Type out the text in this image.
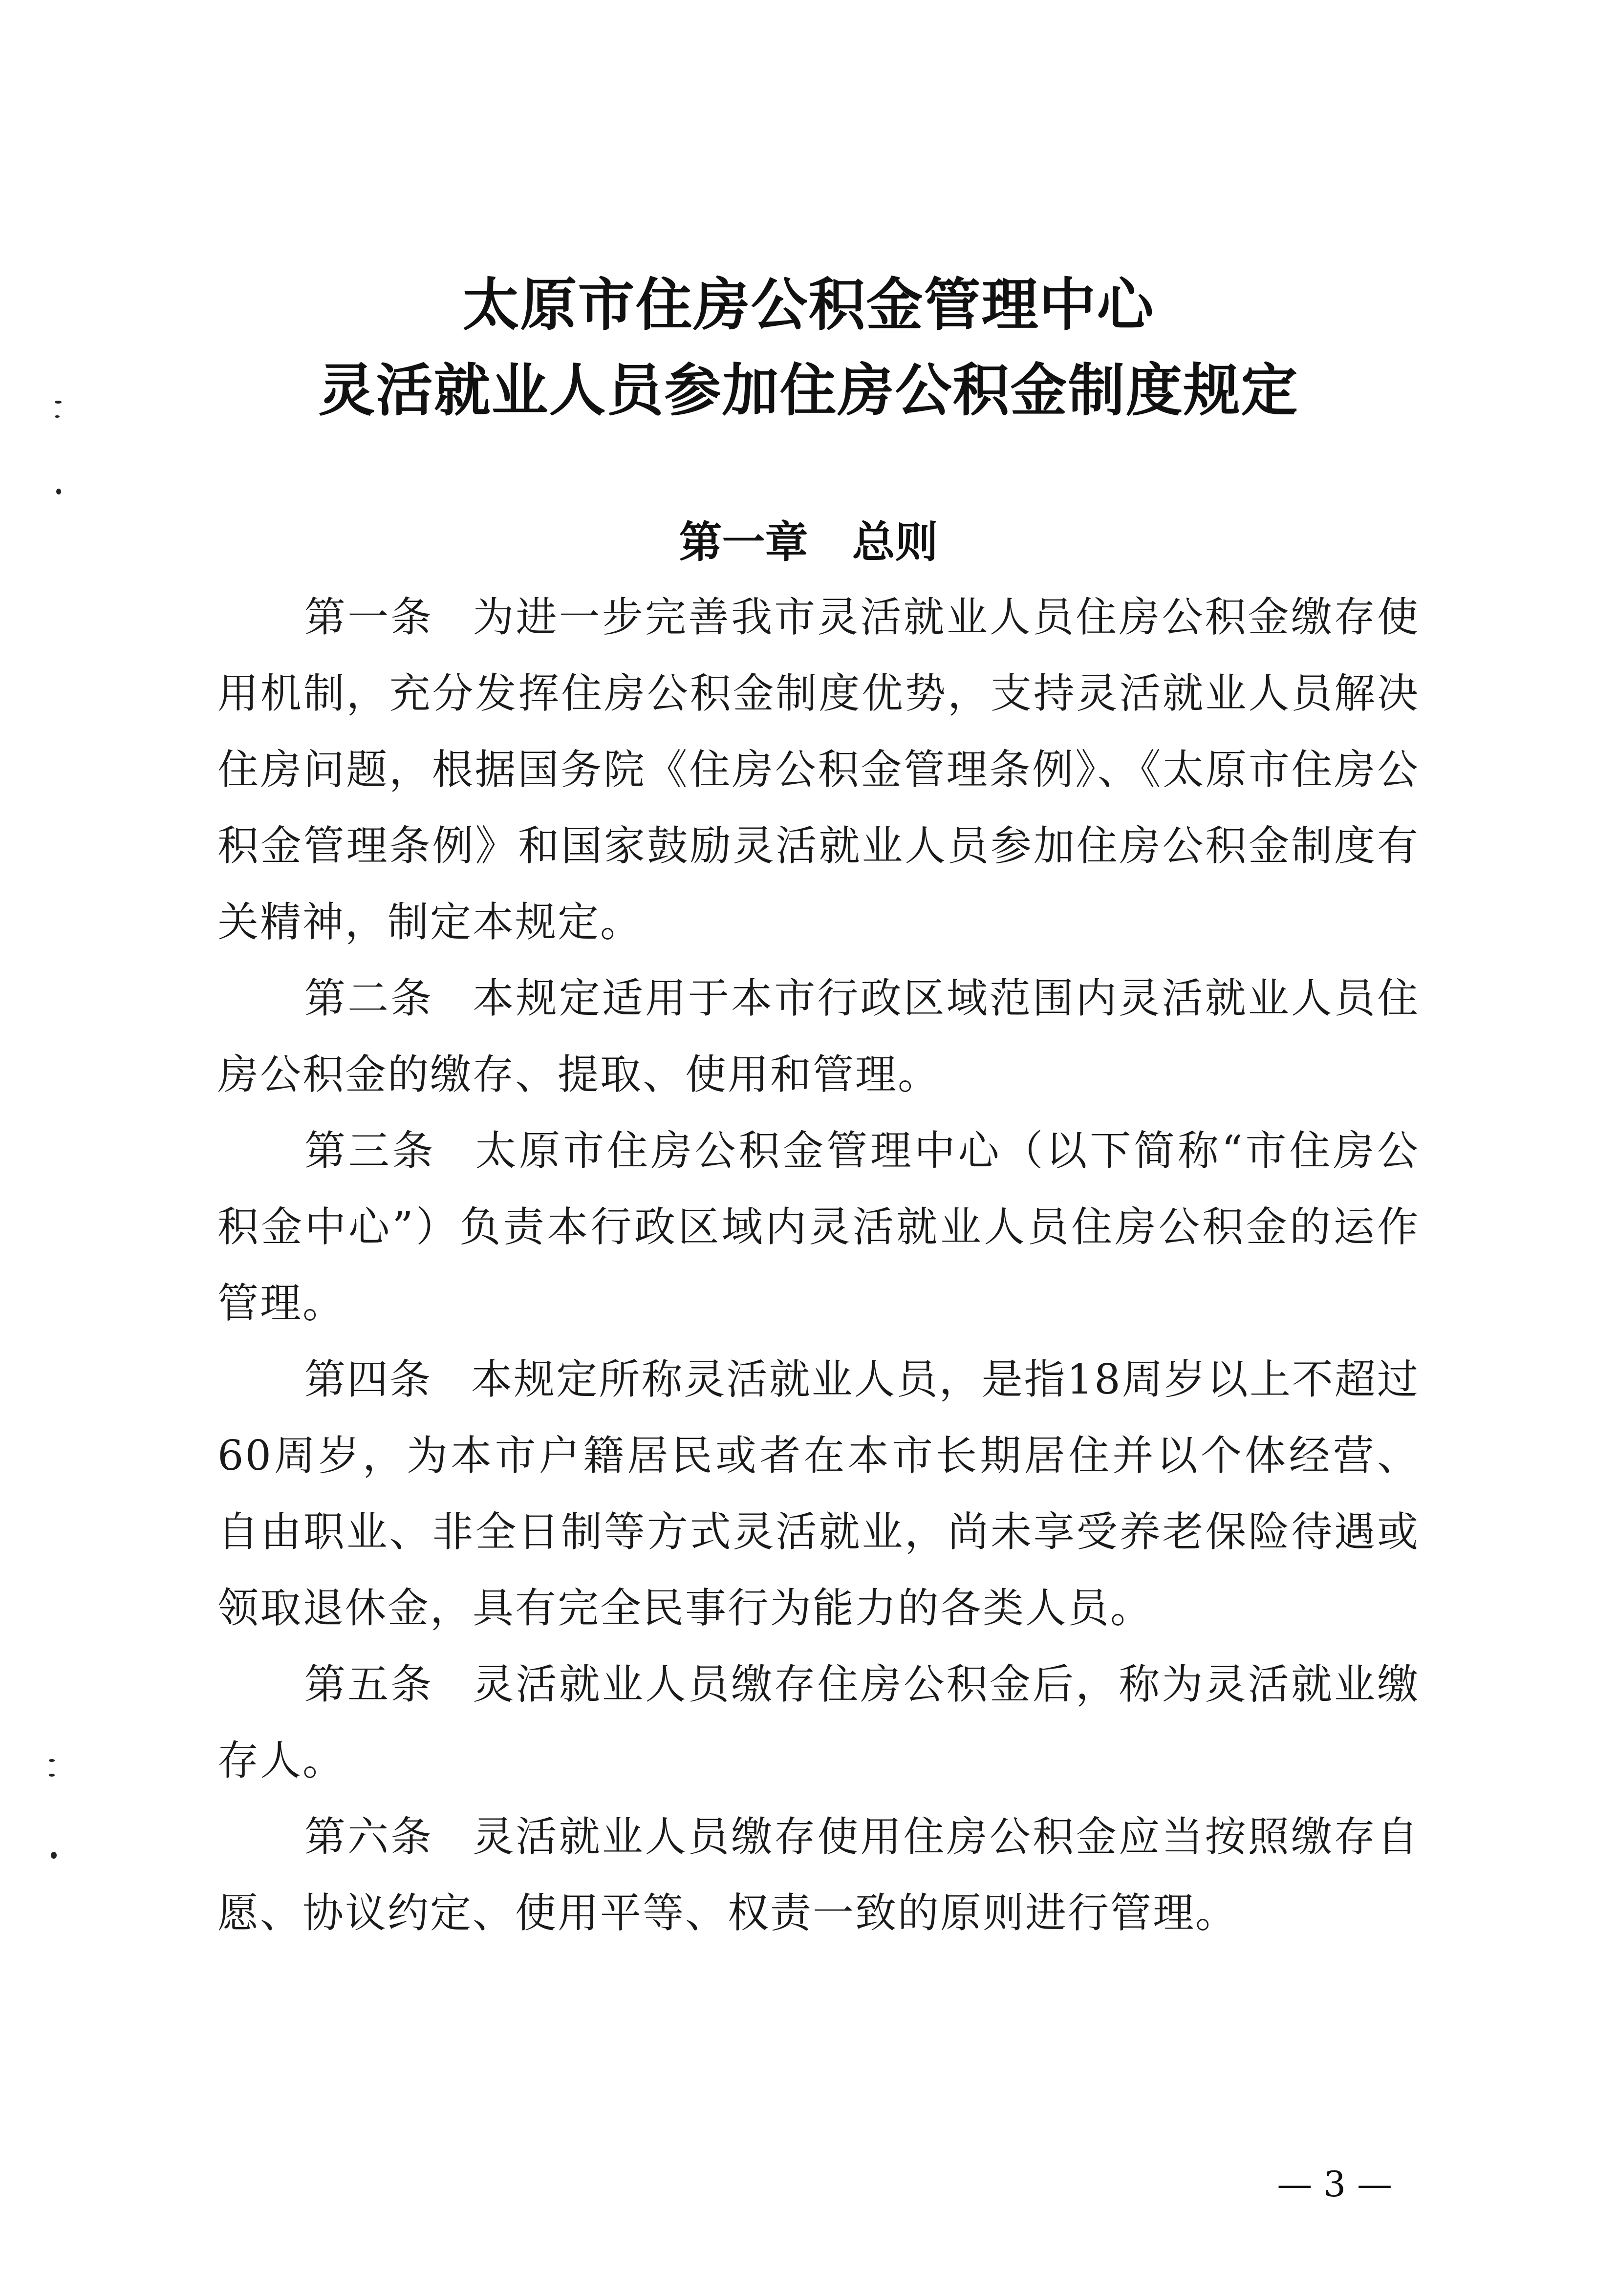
太原市住房公积金管理中心
灵活就业人员参加住房公积金制度规定
第一章 总则

第一条 为进一步完善我市灵活就业人员住房公积金缴存使用机制，充分发挥住房公积金制度优势，支持灵活就业人员解决住房问题，根据国务院《住房公积金管理条例》、《太原市住房公积金管理条例》和国家鼓励灵活就业人员参加住房公积金制度有关精神，制定本规定。

第二条 本规定适用于本市行政区域范围内灵活就业人员住房公积金的缴存、提取、使用和管理。

第三条 太原市住房公积金管理中心（以下简称“市住房公积金中心”）负责本行政区域内灵活就业人员住房公积金的运作管理。

第四条 本规定所称灵活就业人员，是指18周岁以上不超过60周岁，为本市户籍居民或者在本市长期居住并以个体经营、自由职业、非全日制等方式灵活就业，尚未享受养老保险待遇或领取退休金，具有完全民事行为能力的各类人员。

第五条 灵活就业人员缴存住房公积金后，称为灵活就业缴存人。

第六条 灵活就业人员缴存使用住房公积金应当按照缴存自愿、协议约定、使用平等、权责一致的原则进行管理。

— 3 —
